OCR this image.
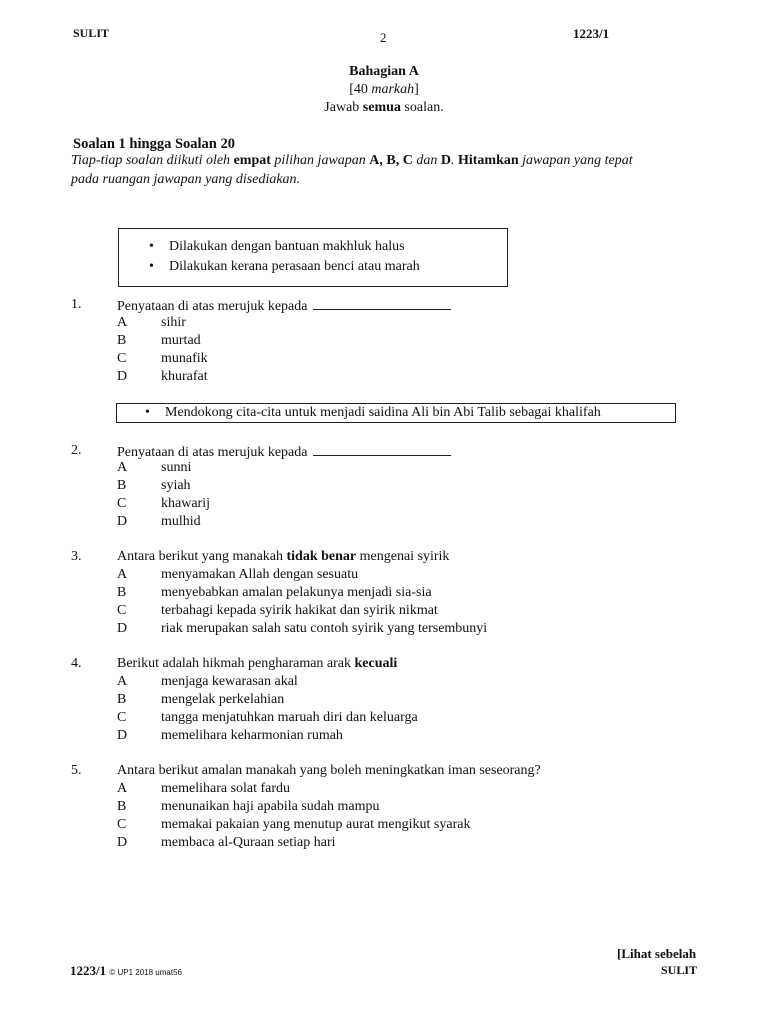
SULIT	2	1223/1
Bahagian A
[40 markah]
Jawab semua soalan.
Soalan 1 hingga Soalan 20
Tiap-tiap soalan diikuti oleh empat pilihan jawapan A, B, C dan D. Hitamkan jawapan yang tepat
pada ruangan jawapan yang disediakan.
• Dilakukan dengan bantuan makhluk halus
• Dilakukan kerana perasaan benci atau marah
1.	Penyataan di atas merujuk kepada
A sihir
B murtad
C munafik
D khurafat
• Mendokong cita-cita untuk menjadi saidina Ali bin Abi Talib sebagai khalifah
2.	Penyataan di atas merujuk kepada
A sunni
B syiah
C khawarij
D mulhid
3.	Antara berikut yang manakah tidak benar mengenai syirik
A menyamakan Allah dengan sesuatu
B menyebabkan amalan pelakunya menjadi sia-sia
C terbahagi kepada syirik hakikat dan syirik nikmat
D riak merupakan salah satu contoh syirik yang tersembunyi
4.	Berikut adalah hikmah pengharaman arak kecuali
A menjaga kewarasan akal
B mengelak perkelahian
C tangga menjatuhkan maruah diri dan keluarga
D memelihara keharmonian rumah
5.	Antara berikut amalan manakah yang boleh meningkatkan iman seseorang?
A memelihara solat fardu
B menunaikan haji apabila sudah mampu
C memakai pakaian yang menutup aurat mengikut syarak
D membaca al-Quraan setiap hari
[Lihat sebelah
SULIT
1223/1 © UP1 2018 umat56
